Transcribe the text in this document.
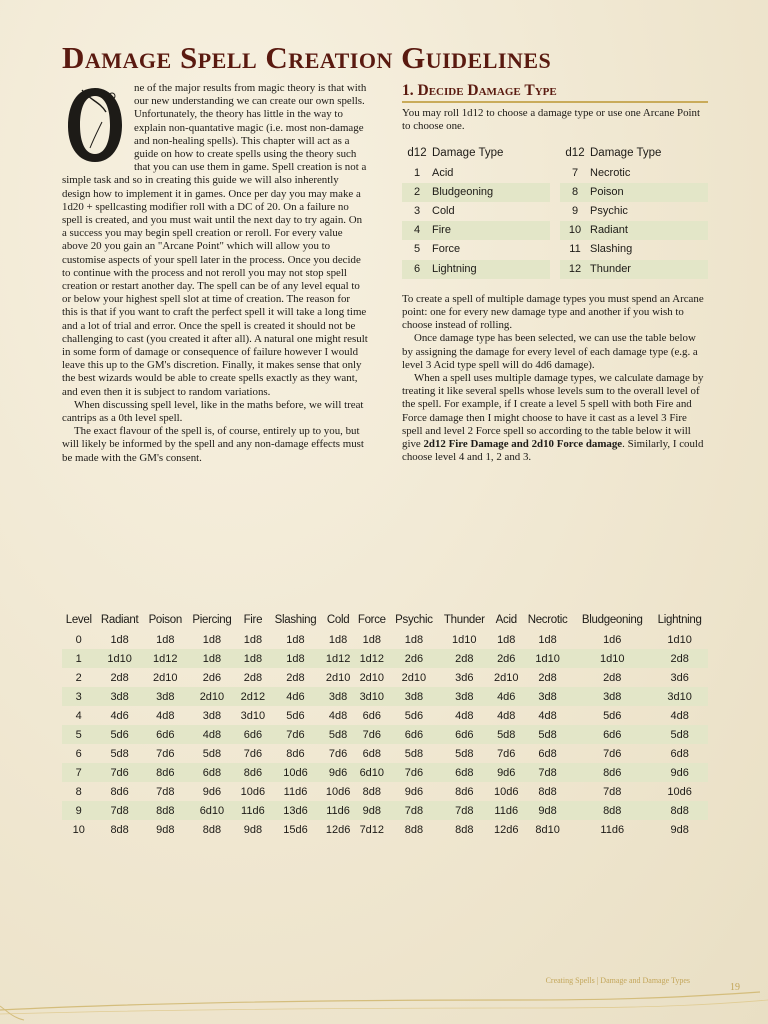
Damage Spell Creation Guidelines
O	ne of the major results from magic theory is that with our new understanding we can create our own spells. Unfortunately, the theory has little in the way to explain non-quantative magic (i.e. most non-damage and non-healing spells). This chapter will act as a guide on how to create spells using the theory such that you can use them in game. Spell creation is not a simple task and so in creating this guide we will also inherently design how to implement it in games. Once per day you may make a 1d20 + spellcasting modifier roll with a DC of 20. On a failure no spell is created, and you must wait until the next day to try again. On a success you may begin spell creation or reroll. For every value above 20 you gain an "Arcane Point" which will allow you to customise aspects of your spell later in the process. Once you decide to continue with the process and not reroll you may not stop spell creation or restart another day. The spell can be of any level equal to or below your highest spell slot at time of creation. The reason for this is that if you want to craft the perfect spell it will take a long time and a lot of trial and error. Once the spell is created it should not be challenging to cast (you created it after all). A natural one might result in some form of damage or consequence of failure however I would leave this up to the GM's discretion. Finally, it makes sense that only the best wizards would be able to create spells exactly as they want, and even then it is subject to random variations.

When discussing spell level, like in the maths before, we will treat cantrips as a 0th level spell.

The exact flavour of the spell is, of course, entirely up to you, but will likely be informed by the spell and any non-damage effects must be made with the GM's consent.

1. Decide Damage Type

You may roll 1d12 to choose a damage type or use one Arcane Point to choose one.

d12	Damage Type
1	Acid
2	Bludgeoning
3	Cold
4	Fire
5	Force
6	Lightning
d12	Damage Type
7	Necrotic
8	Poison
9	Psychic
10	Radiant
11	Slashing
12	Thunder

To create a spell of multiple damage types you must spend an Arcane point: one for every new damage type and another if you wish to choose instead of rolling.

Once damage type has been selected, we can use the table below by assigning the damage for every level of each damage type (e.g. a level 3 Acid type spell will do 4d6 damage).

When a spell uses multiple damage types, we calculate damage by treating it like several spells whose levels sum to the overall level of the spell. For example, if I create a level 5 spell with both Fire and Force damage then I might choose to have it cast as a level 3 Fire spell and level 2 Force spell so according to the table below it will give 2d12 Fire Damage and 2d10 Force damage. Similarly, I could choose level 4 and 1, 2 and 3.

Level	Radiant	Poison	Piercing	Fire	Slashing	Cold	Force	Psychic	Thunder	Acid	Necrotic	Bludgeoning	Lightning
0	1d8	1d8	1d8	1d8	1d8	1d8	1d8	1d8	1d10	1d8	1d8	1d6	1d10
1	1d10	1d12	1d8	1d8	1d8	1d12	1d12	2d6	2d8	2d6	1d10	1d10	2d8
2	2d8	2d10	2d6	2d8	2d8	2d10	2d10	2d10	3d6	2d10	2d8	2d8	3d6
3	3d8	3d8	2d10	2d12	4d6	3d8	3d10	3d8	3d8	4d6	3d8	3d8	3d10
4	4d6	4d8	3d8	3d10	5d6	4d8	6d6	5d6	4d8	4d8	4d8	5d6	4d8
5	5d6	6d6	4d8	6d6	7d6	5d8	7d6	6d6	6d6	5d8	5d8	6d6	5d8
6	5d8	7d6	5d8	7d6	8d6	7d6	6d8	5d8	5d8	7d6	6d8	7d6	6d8
7	7d6	8d6	6d8	8d6	10d6	9d6	6d10	7d6	6d8	9d6	7d8	8d6	9d6
8	8d6	7d8	9d6	10d6	11d6	10d6	8d8	9d6	8d6	10d6	8d8	7d8	10d6
9	7d8	8d8	6d10	11d6	13d6	11d6	9d8	7d8	7d8	11d6	9d8	8d8	8d8
10	8d8	9d8	8d8	9d8	15d6	12d6	7d12	8d8	8d8	12d6	8d10	11d6	9d8
Creating Spells | Damage and Damage Types
19
